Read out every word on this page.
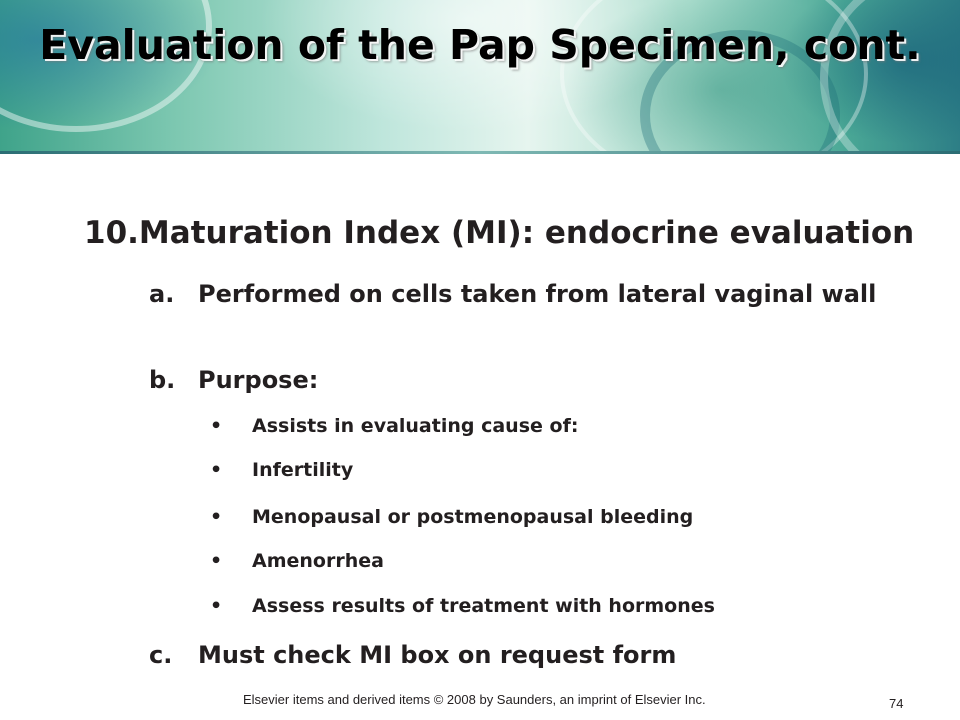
Evaluation of the Pap Specimen, cont.
10.Maturation Index (MI): endocrine evaluation
a. Performed on cells taken from lateral vaginal wall
b. Purpose:
• Assists in evaluating cause of:
• Infertility
• Menopausal or postmenopausal bleeding
• Amenorrhea
• Assess results of treatment with hormones
c.	Must check MI box on request form
Elsevier items and derived items © 2008 by Saunders, an imprint of Elsevier Inc.	74
